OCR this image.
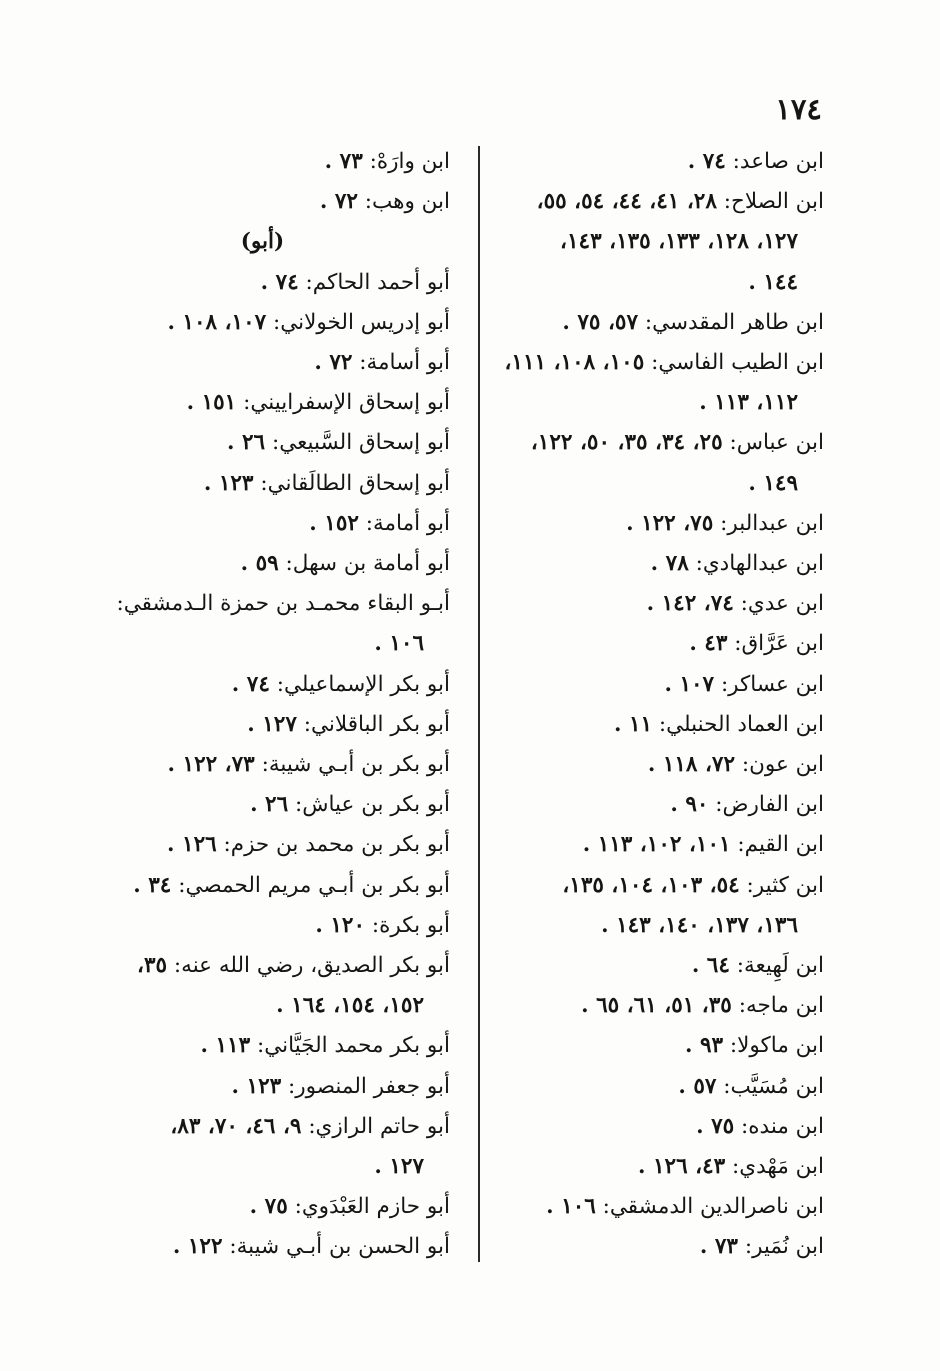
١٧٤
ابن صاعد: ٧٤ .
ابن الصلاح: ٢٨، ٤١، ٤٤، ٥٤، ٥٥،
١٢٧، ١٢٨، ١٣٣، ١٣٥، ١٤٣،
١٤٤ .
ابن طاهر المقدسي: ٥٧، ٧٥ .
ابن الطيب الفاسي: ١٠٥، ١٠٨، ١١١،
١١٢، ١١٣ .
ابن عباس: ٢٥، ٣٤، ٣٥، ٥٠، ١٢٢،
١٤٩ .
ابن عبدالبر: ٧٥، ١٢٢ .
ابن عبدالهادي: ٧٨ .
ابن عدي: ٧٤، ١٤٢ .
ابن عَرَّاق: ٤٣ .
ابن عساكر: ١٠٧ .
ابن العماد الحنبلي: ١١ .
ابن عون: ٧٢، ١١٨ .
ابن الفارض: ٩٠ .
ابن القيم: ١٠١، ١٠٢، ١١٣ .
ابن كثير: ٥٤، ١٠٣، ١٠٤، ١٣٥،
١٣٦، ١٣٧، ١٤٠، ١٤٣ .
ابن لَهِيعة: ٦٤ .
ابن ماجه: ٣٥، ٥١، ٦١، ٦٥ .
ابن ماكولا: ٩٣ .
ابن مُسَيَّب: ٥٧ .
ابن منده: ٧٥ .
ابن مَهْدي: ٤٣، ١٢٦ .
ابن ناصرالدين الدمشقي: ١٠٦ .
ابن نُمَير: ٧٣ .
ابن وارَهْ: ٧٣ .
ابن وهب: ٧٢ .
(أبو)
أبو أحمد الحاكم: ٧٤ .
أبو إدريس الخولاني: ١٠٧، ١٠٨ .
أبو أسامة: ٧٢ .
أبو إسحاق الإسفراييني: ١٥١ .
أبو إسحاق السَّبيعي: ٢٦ .
أبو إسحاق الطالَقاني: ١٢٣ .
أبو أمامة: ١٥٢ .
أبو أمامة بن سهل: ٥٩ .
أبـو البقاء محمـد بن حمزة الـدمشقي:
١٠٦ .
أبو بكر الإسماعيلي: ٧٤ .
أبو بكر الباقلاني: ١٢٧ .
أبو بكر بن أبـي شيبة: ٧٣، ١٢٢ .
أبو بكر بن عياش: ٢٦ .
أبو بكر بن محمد بن حزم: ١٢٦ .
أبو بكر بن أبـي مريم الحمصي: ٣٤ .
أبو بكرة: ١٢٠ .
أبو بكر الصديق، رضي الله عنه: ٣٥،
١٥٢، ١٥٤، ١٦٤ .
أبو بكر محمد الجَيَّاني: ١١٣ .
أبو جعفر المنصور: ١٢٣ .
أبو حاتم الرازي: ٩، ٤٦، ٧٠، ٨٣،
١٢٧ .
أبو حازم العَبْدَوي: ٧٥ .
أبو الحسن بن أبـي شيبة: ١٢٢ .
